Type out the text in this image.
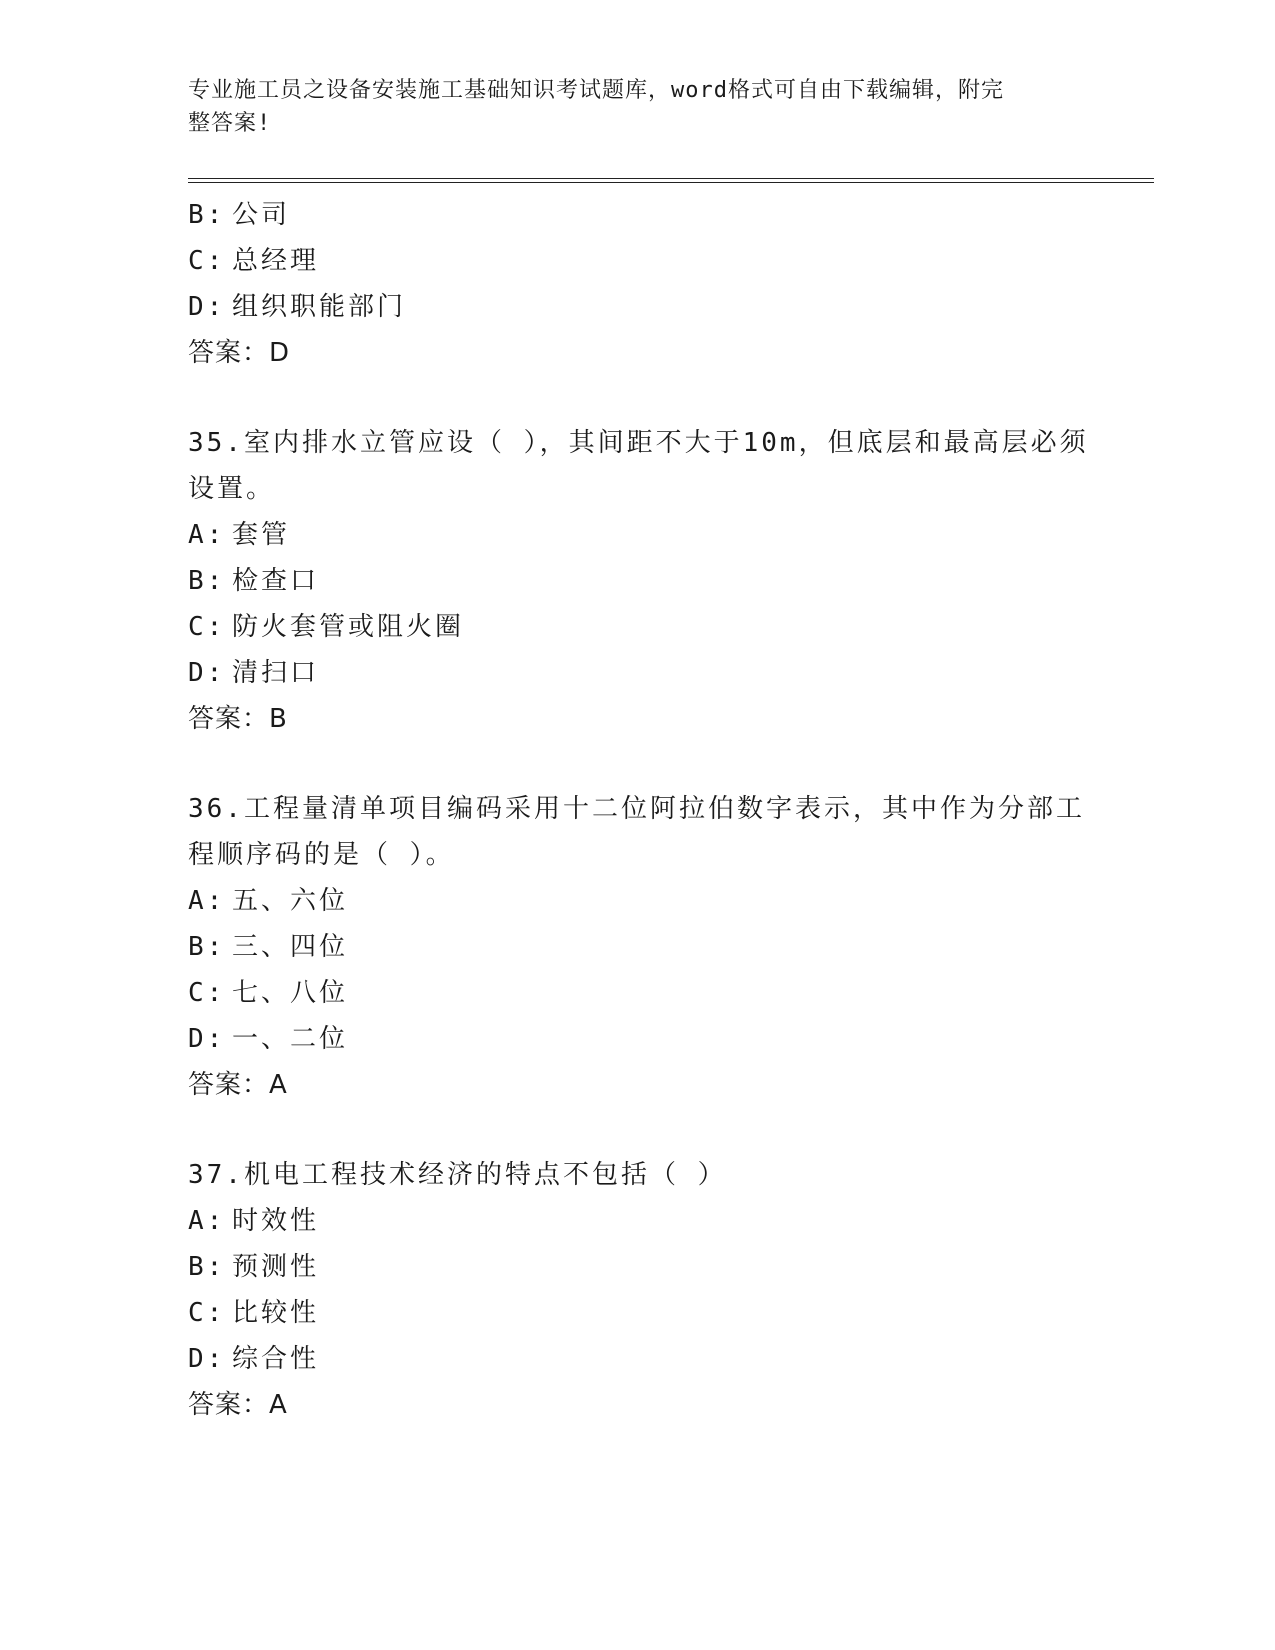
专业施工员之设备安装施工基础知识考试题库，word格式可自由下载编辑，附完
整答案!
B: 公司
C: 总经理
D: 组织职能部门
答案：D
35.室内排水立管应设（ ），其间距不大于10m，但底层和最高层必须
设置。
A: 套管
B: 检查口
C: 防火套管或阻火圈
D: 清扫口
答案：B
36.工程量清单项目编码采用十二位阿拉伯数字表示，其中作为分部工
程顺序码的是（ ）。
A: 五、六位
B: 三、四位
C: 七、八位
D: 一、二位
答案：A
37.机电工程技术经济的特点不包括（ ）
A: 时效性
B: 预测性
C: 比较性
D: 综合性
答案：A
